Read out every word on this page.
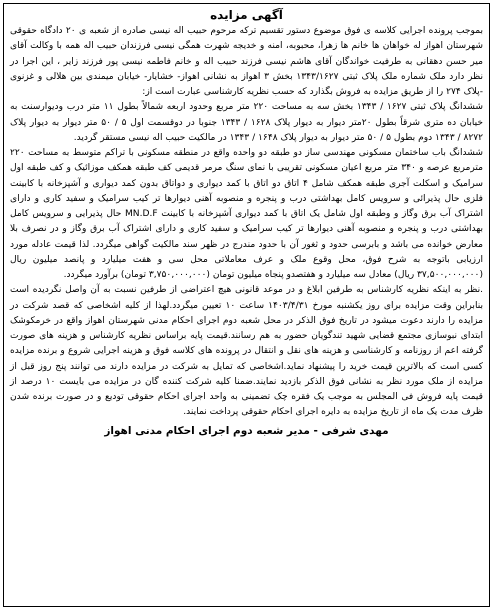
آگهی مزایده

بموجب پرونده اجرایی کلاسه ی فوق موضوع دستور تقسیم ترکه مرحوم حبیب اله نیسی صادره از شعبه ی ۲۰ دادگاه حقوقی شهرستان اهواز له خواهان ها خانم ها زهرا، محبوبه، امنه و خدیجه شهرت همگی نیسی فرزندان حبیب اله همه با وکالت آقای میر حسن دهقانی به طرفیت خواندگان آقای هاشم نیسی فرزند حبیب اله و خانم فاطمه نیسی پور فرزند زایر ، این اجرا در نظر دارد ملک شماره ملک پلاک ثبتی ۱۳۴۳/۱۶۲۷ بخش ۳ اهواز به نشانی اهواز- خشایار- خیابان میمندی بین هلالی و غزنوی -پلاک ۲۷۴ را از طریق مزایده به فروش بگذارد که حسب نظریه کارشناسی عبارت است از:

ششدانگ پلاک ثبتی ۱۶۲۷ / ۱۳۴۳ بخش سه به مساحت ۲۲۰ متر مربع وحدود اربعه شمالاً بطول ۱۱ متر درب ودیوارسنت به خیابان ده متری شرقاً بطول ۲۰متر دیوار به دیوار پلاک ۱۶۲۸ / ۱۳۴۳ جنوبا در دوقسمت اول ۵ / ۵۰ متر دیوار به دیوار پلاک ۸۲۷۲ / ۱۳۴۳ دوم بطول ۵ / ۵۰ متر دیوار به دیوار پلاک ۱۶۴۸ / ۱۳۴۳ در مالکیت حبیب اله نیسی مستقر گردید.

ششدانگ باب ساختمان مسکونی مهندسی ساز دو طبقه دو واحده واقع در منطقه مسکونی با تراکم متوسط به مساحت ۲۲۰ مترمربع عرصه و ۳۴۰ متر مربع اعیان مسکونی تقریبی با نمای سنگ مرمر قدیمی کف طبقه همکف موزائیک و کف طبقه اول سرامیک و اسکلت آجری طبقه همکف شامل ۴ اتاق دو اتاق با کمد دیواری و دواتاق بدون کمد دیواری و آشپزخانه با کابینت فلزی حال پذیرائی و سرویس کامل بهداشتی درب و پنجره و منصوبه آهنی دیوارها تر کیب سرامیک و سفید کاری و دارای اشتراک آب برق وگاز و وطبقه اول شامل یک اتاق با کمد دیواری آشپزخانه با کابینت MN.D.F حال پذیرایی و سرویس کامل بهداشتی درب و پنجره و منصوبه آهنی دیوارها تر کیب سرامیک و سفید کاری و دارای اشتراک آب برق وگاز و در نصرف بلا معارض خوانده می باشد و بابرسی حدود و ثغور آن با حدود مندرج در ظهر سند مالکیت گواهی میگردد. لذا قیمت عادله مورد ارزیابی باتوجه به شرح فوق، محل وقوع ملک و عرف معاملاتی محل سی و هفت میلیارد و پانصد میلیون ریال (۳۷,۵۰۰,۰۰۰,۰۰۰ ریال) معادل سه میلیارد و هفتصدو پنجاه میلیون تومان (۳,۷۵۰,۰۰۰,۰۰۰ تومان) برآورد میگردد.

.نظر به اینکه نظریه کارشناس به طرفین ابلاغ و در موعد قانونی هیچ اعتراضی از طرفین نسبت به آن واصل نگردیده است بنابراین وقت مزایده برای روز یکشنبه مورخ ۱۴۰۳/۴/۳۱ ساعت ۱۰ تعیین میگردد.لهذا از کلیه اشخاصی که قصد شرکت در مزایده را دارند دعوت میشود در تاریخ فوق الذکر در محل شعبه دوم اجرای احکام مدنی شهرستان اهواز واقع در خرمکوشک ابتدای نبوسازی مجتمع قضایی شهید تندگویان حضور به هم رسانند.قیمت پایه براساس نظریه کارشناس و هزینه های صورت گرفته اعم از روزنامه و کارشناسی و هزینه های نقل و انتقال در پرونده های کلاسه فوق و هزینه اجرایی شروع و برنده مزایده کسی است که بالاترین قیمت خرید را پیشنهاد نماید.اشخاصی که تمایل به شرکت در مزایده دارند می توانند پنج روز قبل از مزایده از ملک مورد نظر به نشانی فوق الذکر بازدید نمایند.ضمنا کلیه شرکت کننده گان در مزایده می بایست ۱۰ درصد از قیمت پایه فروش فی المجلس به موجب یک فقره چک تضمینی به واحد اجرای احکام حقوقی تودیع و در صورت برنده شدن ظرف مدت یک ماه از تاریخ مزایده به دایره اجرای احکام حقوقی پرداخت نمایند.

مهدی شرفی - مدیر شعبه دوم اجرای احکام مدنی اهواز
